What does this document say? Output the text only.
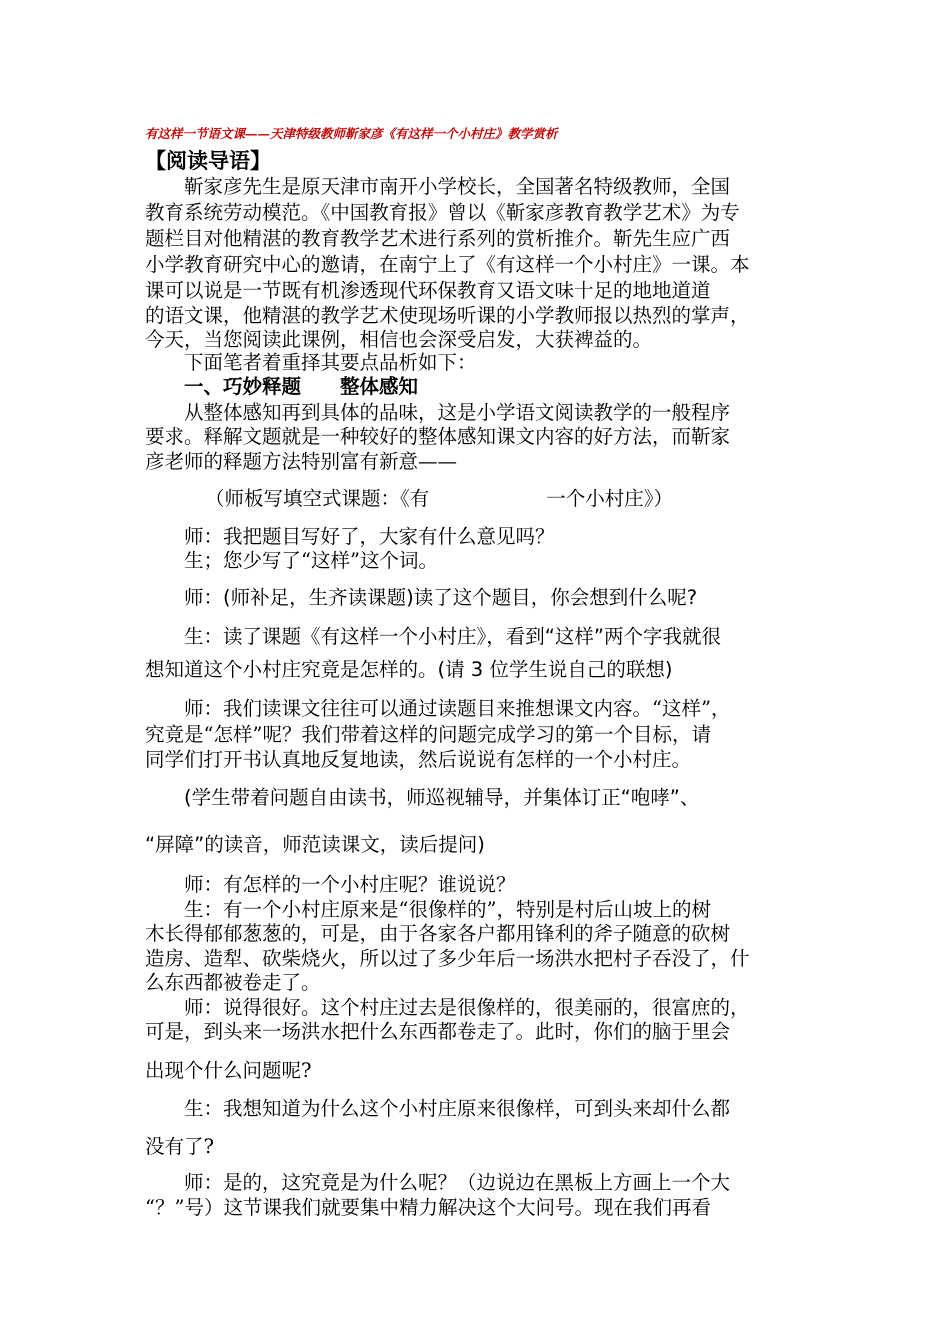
有这样一节语文课——天津特级教师靳家彦《有这样一个小村庄》教学赏析
【阅读导语】
　　靳家彦先生是原天津市南开小学校长，全国著名特级教师，全国
教育系统劳动模范。《中国教育报》曾以《靳家彦教育教学艺术》为专
题栏目对他精湛的教育教学艺术进行系列的赏析推介。靳先生应广西
小学教育研究中心的邀请，在南宁上了《有这样一个小村庄》一课。本
课可以说是一节既有机渗透现代环保教育又语文味十足的地地道道
的语文课，他精湛的教学艺术使现场听课的小学教师报以热烈的掌声，
今天，当您阅读此课例，相信也会深受启发，大获裨益的。
　　下面笔者着重择其要点品析如下：
　　一、巧妙释题　　整体感知
　　从整体感知再到具体的品味，这是小学语文阅读教学的一般程序
要求。释解文题就是一种较好的整体感知课文内容的好方法，而靳家
彦老师的释题方法特别富有新意——
（师板写填空式课题：《有　　　　　　一个小村庄》）
　　师：我把题目写好了，大家有什么意见吗？
　　生；您少写了“这样”这个词。
　　师：(师补足，生齐读课题)读了这个题目，你会想到什么呢?
　　生：读了课题《有这样一个小村庄》，看到“这样”两个字我就很
想知道这个小村庄究竟是怎样的。(请 3 位学生说自己的联想)
　　师：我们读课文往往可以通过读题目来推想课文内容。“这样”，
究竟是“怎样”呢？我们带着这样的问题完成学习的第一个目标，请
同学们打开书认真地反复地读，然后说说有怎样的一个小村庄。
　　(学生带着问题自由读书，师巡视辅导，并集体订正“咆哮”、
“屏障”的读音，师范读课文，读后提问)
　　师：有怎样的一个小村庄呢？谁说说？
　　生：有一个小村庄原来是“很像样的”，特别是村后山坡上的树
木长得郁郁葱葱的，可是，由于各家各户都用锋利的斧子随意的砍树
造房、造犁、砍柴烧火，所以过了多少年后一场洪水把村子吞没了，什
么东西都被卷走了。
　　师：说得很好。这个村庄过去是很像样的，很美丽的，很富庶的，
可是，到头来一场洪水把什么东西都卷走了。此时，你们的脑于里会
出现个什么问题呢?
　　生：我想知道为什么这个小村庄原来很像样，可到头来却什么都
没有了?
　　师：是的，这究竟是为什么呢？（边说边在黑板上方画上一个大
“？”号）这节课我们就要集中精力解决这个大问号。现在我们再看
